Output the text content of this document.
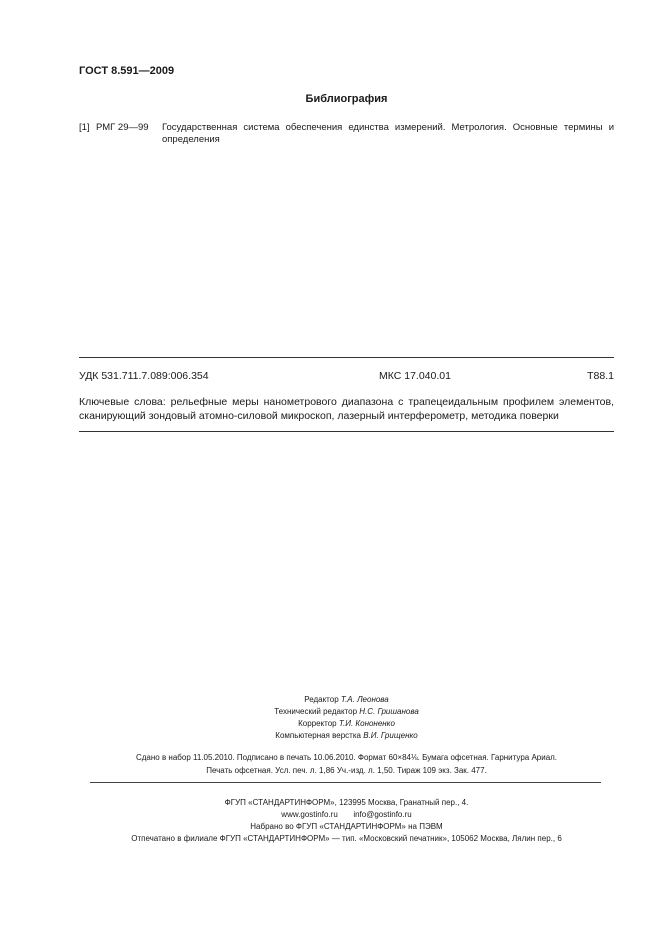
ГОСТ 8.591—2009
Библиография
[1] РМГ 29—99 Государственная система обеспечения единства измерений. Метрология. Основные термины и определения
УДК 531.711.7.089:006.354	МКС 17.040.01	Т88.1
Ключевые слова: рельефные меры нанометрового диапазона с трапецеидальным профилем элементов, сканирующий зондовый атомно-силовой микроскоп, лазерный интерферометр, методика поверки
Редактор Т.А. Леонова
Технический редактор Н.С. Гришанова
Корректор Т.И. Кононенко
Компьютерная верстка В.И. Грищенко
Сдано в набор 11.05.2010. Подписано в печать 10.06.2010. Формат 60×84⅛. Бумага офсетная. Гарнитура Ариал.
Печать офсетная. Усл. печ. л. 1,86 Уч.-изд. л. 1,50. Тираж 109 экз. Зак. 477.
ФГУП «СТАНДАРТИНФОРМ», 123995 Москва, Гранатный пер., 4.
www.gostinfo.ru info@gostinfo.ru
Набрано во ФГУП «СТАНДАРТИНФОРМ» на ПЭВМ
Отпечатано в филиале ФГУП «СТАНДАРТИНФОРМ» — тип. «Московский печатник», 105062 Москва, Лялин пер., 6
